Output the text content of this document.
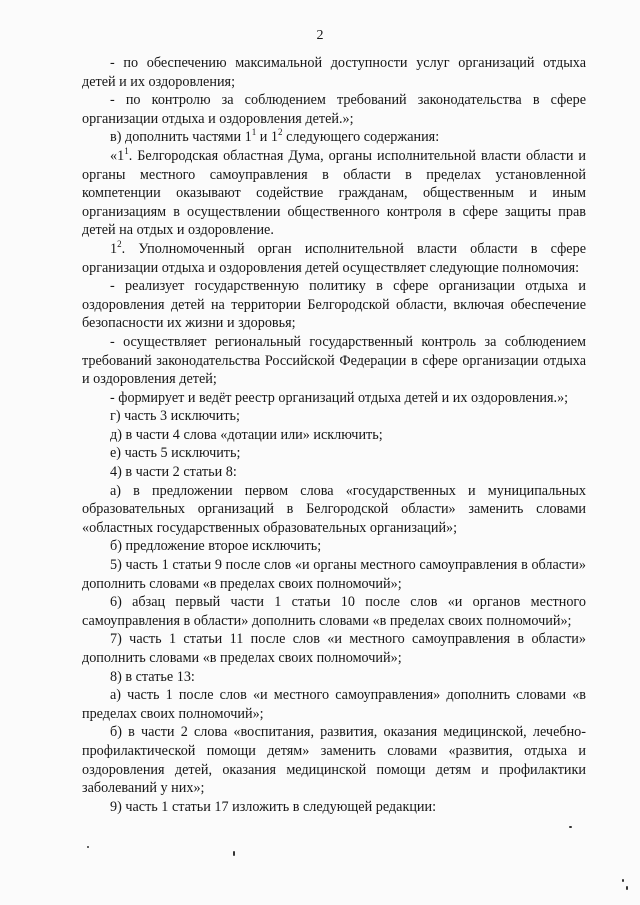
2

- по обеспечению максимальной доступности услуг организаций отдыха детей и их оздоровления;

- по контролю за соблюдением требований законодательства в сфере организации отдыха и оздоровления детей.»;

в) дополнить частями $1^1$ и $1^2$ следующего содержания:

«$1^1$. Белгородская областная Дума, органы исполнительной власти области и органы местного самоуправления в области в пределах установленной компетенции оказывают содействие гражданам, общественным и иным организациям в осуществлении общественного контроля в сфере защиты прав детей на отдых и оздоровление.

$1^2$. Уполномоченный орган исполнительной власти области в сфере организации отдыха и оздоровления детей осуществляет следующие полномочия:

- реализует государственную политику в сфере организации отдыха и оздоровления детей на территории Белгородской области, включая обеспечение безопасности их жизни и здоровья;

- осуществляет региональный государственный контроль за соблюдением требований законодательства Российской Федерации в сфере организации отдыха и оздоровления детей;

- формирует и ведёт реестр организаций отдыха детей и их оздоровления.»;

г) часть 3 исключить;

д) в части 4 слова «дотации или» исключить;

е) часть 5 исключить;

4) в части 2 статьи 8:

а) в предложении первом слова «государственных и муниципальных образовательных организаций в Белгородской области» заменить словами «областных государственных образовательных организаций»;

б) предложение второе исключить;

5) часть 1 статьи 9 после слов «и органы местного самоуправления в области» дополнить словами «в пределах своих полномочий»;

6) абзац первый части 1 статьи 10 после слов «и органов местного самоуправления в области» дополнить словами «в пределах своих полномочий»;

7) часть 1 статьи 11 после слов «и местного самоуправления в области» дополнить словами «в пределах своих полномочий»;

8) в статье 13:

а) часть 1 после слов «и местного самоуправления» дополнить словами «в пределах своих полномочий»;

б) в части 2 слова «воспитания, развития, оказания медицинской, лечебно-профилактической помощи детям» заменить словами «развития, отдыха и оздоровления детей, оказания медицинской помощи детям и профилактики заболеваний у них»;

9) часть 1 статьи 17 изложить в следующей редакции:
